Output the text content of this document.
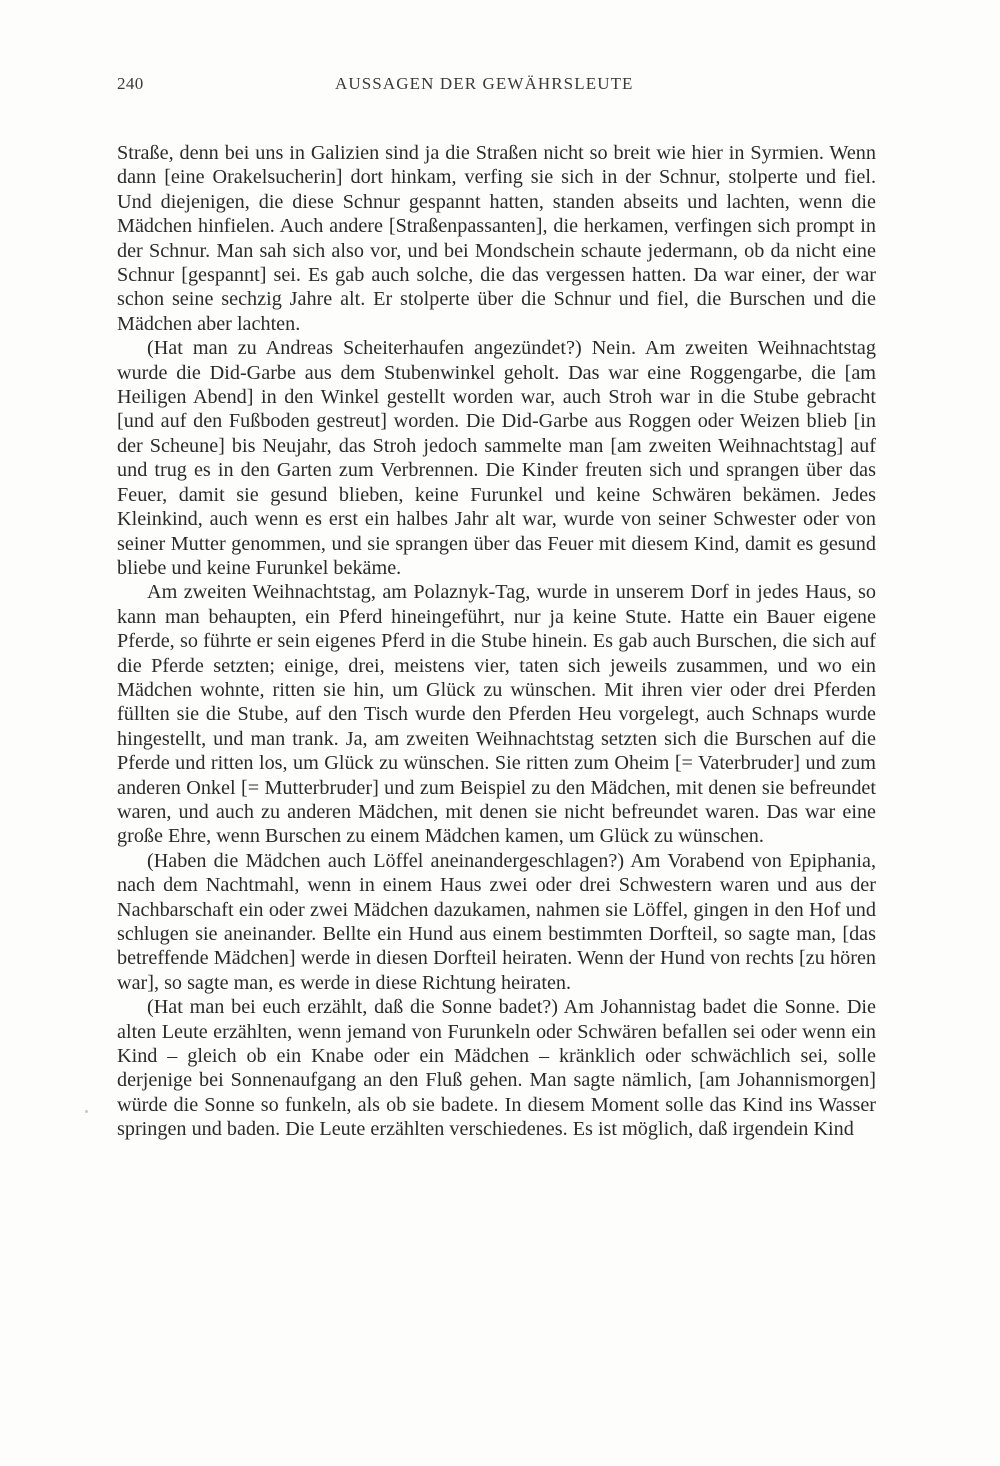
240	AUSSAGEN DER GEWÄHRSLEUTE

Straße, denn bei uns in Galizien sind ja die Straßen nicht so breit wie hier in Syrmien. Wenn dann [eine Orakelsucherin] dort hinkam, verfing sie sich in der Schnur, stolperte und fiel. Und diejenigen, die diese Schnur gespannt hatten, standen abseits und lachten, wenn die Mädchen hinfielen. Auch andere [Straßenpassanten], die herkamen, verfingen sich prompt in der Schnur. Man sah sich also vor, und bei Mondschein schaute jedermann, ob da nicht eine Schnur [gespannt] sei. Es gab auch solche, die das vergessen hatten. Da war einer, der war schon seine sechzig Jahre alt. Er stolperte über die Schnur und fiel, die Burschen und die Mädchen aber lachten.

(Hat man zu Andreas Scheiterhaufen angezündet?) Nein. Am zweiten Weihnachtstag wurde die Did-Garbe aus dem Stubenwinkel geholt. Das war eine Roggengarbe, die [am Heiligen Abend] in den Winkel gestellt worden war, auch Stroh war in die Stube gebracht [und auf den Fußboden gestreut] worden. Die Did-Garbe aus Roggen oder Weizen blieb [in der Scheune] bis Neujahr, das Stroh jedoch sammelte man [am zweiten Weihnachtstag] auf und trug es in den Garten zum Verbrennen. Die Kinder freuten sich und sprangen über das Feuer, damit sie gesund blieben, keine Furunkel und keine Schwären bekämen. Jedes Kleinkind, auch wenn es erst ein halbes Jahr alt war, wurde von seiner Schwester oder von seiner Mutter genommen, und sie sprangen über das Feuer mit diesem Kind, damit es gesund bliebe und keine Furunkel bekäme.

Am zweiten Weihnachtstag, am Polaznyk-Tag, wurde in unserem Dorf in jedes Haus, so kann man behaupten, ein Pferd hineingeführt, nur ja keine Stute. Hatte ein Bauer eigene Pferde, so führte er sein eigenes Pferd in die Stube hinein. Es gab auch Burschen, die sich auf die Pferde setzten; einige, drei, meistens vier, taten sich jeweils zusammen, und wo ein Mädchen wohnte, ritten sie hin, um Glück zu wünschen. Mit ihren vier oder drei Pferden füllten sie die Stube, auf den Tisch wurde den Pferden Heu vorgelegt, auch Schnaps wurde hingestellt, und man trank. Ja, am zweiten Weihnachtstag setzten sich die Burschen auf die Pferde und ritten los, um Glück zu wünschen. Sie ritten zum Oheim [= Vaterbruder] und zum anderen Onkel [= Mutterbruder] und zum Beispiel zu den Mädchen, mit denen sie befreundet waren, und auch zu anderen Mädchen, mit denen sie nicht befreundet waren. Das war eine große Ehre, wenn Burschen zu einem Mädchen kamen, um Glück zu wünschen.

(Haben die Mädchen auch Löffel aneinandergeschlagen?) Am Vorabend von Epiphania, nach dem Nachtmahl, wenn in einem Haus zwei oder drei Schwestern waren und aus der Nachbarschaft ein oder zwei Mädchen dazukamen, nahmen sie Löffel, gingen in den Hof und schlugen sie aneinander. Bellte ein Hund aus einem bestimmten Dorfteil, so sagte man, [das betreffende Mädchen] werde in diesen Dorfteil heiraten. Wenn der Hund von rechts [zu hören war], so sagte man, es werde in diese Richtung heiraten.

(Hat man bei euch erzählt, daß die Sonne badet?) Am Johannistag badet die Sonne. Die alten Leute erzählten, wenn jemand von Furunkeln oder Schwären befallen sei oder wenn ein Kind – gleich ob ein Knabe oder ein Mädchen – kränklich oder schwächlich sei, solle derjenige bei Sonnenaufgang an den Fluß gehen. Man sagte nämlich, [am Johannismorgen] würde die Sonne so funkeln, als ob sie badete. In diesem Moment solle das Kind ins Wasser springen und baden. Die Leute erzählten verschiedenes. Es ist möglich, daß irgendein Kind
